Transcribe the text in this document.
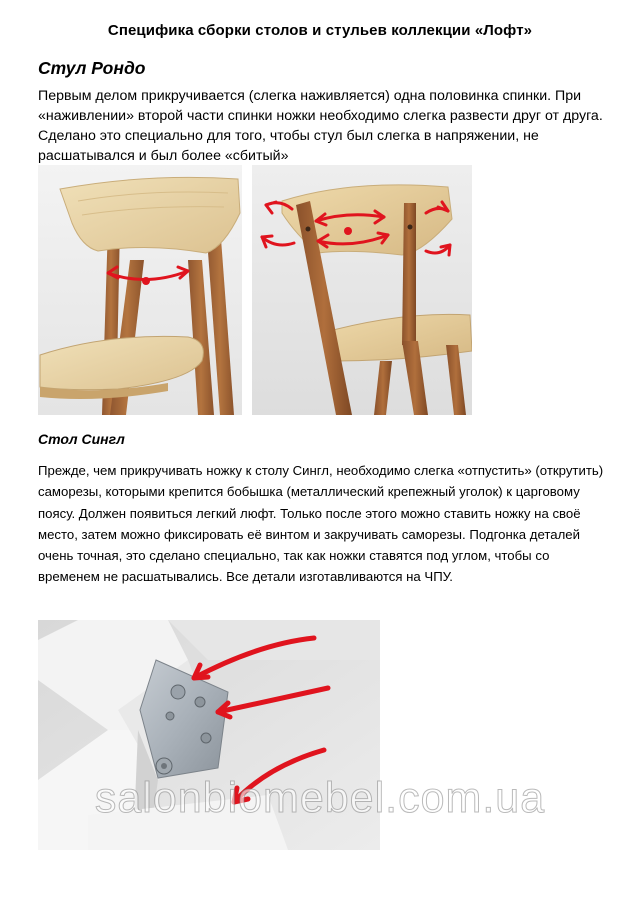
Специфика сборки столов и стульев коллекции «Лофт»
Стул Рондо

Первым делом прикручивается (слегка наживляется) одна половинка спинки. При «наживлении» второй части спинки ножки необходимо слегка развести друг от друга. Сделано это специально для того, чтобы стул был слегка в напряжении, не расшатывался и был более «сбитый»

Стол Сингл

Прежде, чем прикручивать ножку к столу Сингл, необходимо слегка «отпустить» (открутить) саморезы, которыми крепится бобышка (металлический крепежный уголок) к царговому поясу. Должен появиться легкий люфт. Только после этого можно ставить ножку на своё место, затем можно фиксировать её винтом и закручивать саморезы. Подгонка деталей очень точная, это сделано специально, так как ножки ставятся под углом, чтобы со временем не расшатывались. Все детали изготавливаются на ЧПУ.

salonbiomebel.com.ua
